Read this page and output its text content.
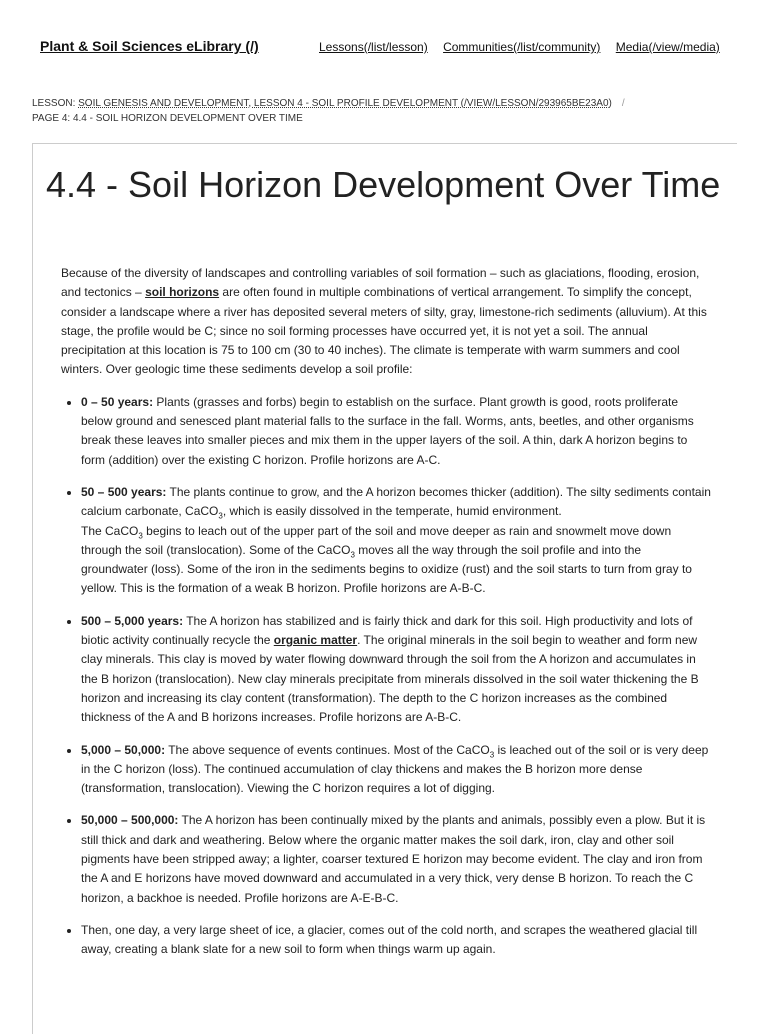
Plant & Soil Sciences eLibrary (/)	Lessons(/list/lesson) Communities(/list/community) Media(/view/media)
LESSON: SOIL GENESIS AND DEVELOPMENT, LESSON 4 - SOIL PROFILE DEVELOPMENT (/VIEW/LESSON/293965BE23A0) /
PAGE 4: 4.4 - SOIL HORIZON DEVELOPMENT OVER TIME
4.4 - Soil Horizon Development Over Time

Because of the diversity of landscapes and controlling variables of soil formation – such as glaciations, flooding, erosion, and tectonics – soil horizons are often found in multiple combinations of vertical arrangement. To simplify the concept, consider a landscape where a river has deposited several meters of silty, gray, limestone-rich sediments (alluvium). At this stage, the profile would be C; since no soil forming processes have occurred yet, it is not yet a soil. The annual precipitation at this location is 75 to 100 cm (30 to 40 inches). The climate is temperate with warm summers and cool winters. Over geologic time these sediments develop a soil profile:

• 0 – 50 years: Plants (grasses and forbs) begin to establish on the surface. Plant growth is good, roots proliferate below ground and senesced plant material falls to the surface in the fall. Worms, ants, beetles, and other organisms break these leaves into smaller pieces and mix them in the upper layers of the soil. A thin, dark A horizon begins to form (addition) over the existing C horizon. Profile horizons are A-C.
• 50 – 500 years: The plants continue to grow, and the A horizon becomes thicker (addition). The silty sediments contain calcium carbonate, CaCO$_3$, which is easily dissolved in the temperate, humid environment.
The CaCO$_3$ begins to leach out of the upper part of the soil and move deeper as rain and snowmelt move down through the soil (translocation). Some of the CaCO$_3$ moves all the way through the soil profile and into the groundwater (loss). Some of the iron in the sediments begins to oxidize (rust) and the soil starts to turn from gray to yellow. This is the formation of a weak B horizon. Profile horizons are A-B-C.
• 500 – 5,000 years: The A horizon has stabilized and is fairly thick and dark for this soil. High productivity and lots of biotic activity continually recycle the organic matter. The original minerals in the soil begin to weather and form new clay minerals. This clay is moved by water flowing downward through the soil from the A horizon and accumulates in the B horizon (translocation). New clay minerals precipitate from minerals dissolved in the soil water thickening the B horizon and increasing its clay content (transformation). The depth to the C horizon increases as the combined thickness of the A and B horizons increases. Profile horizons are A-B-C.
• 5,000 – 50,000: The above sequence of events continues. Most of the CaCO$_3$ is leached out of the soil or is very deep in the C horizon (loss). The continued accumulation of clay thickens and makes the B horizon more dense (transformation, translocation). Viewing the C horizon requires a lot of digging.
• 50,000 – 500,000: The A horizon has been continually mixed by the plants and animals, possibly even a plow. But it is still thick and dark and weathering. Below where the organic matter makes the soil dark, iron, clay and other soil pigments have been stripped away; a lighter, coarser textured E horizon may become evident. The clay and iron from the A and E horizons have moved downward and accumulated in a very thick, very dense B horizon. To reach the C horizon, a backhoe is needed. Profile horizons are A-E-B-C.
• Then, one day, a very large sheet of ice, a glacier, comes out of the cold north, and scrapes the weathered glacial till away, creating a blank slate for a new soil to form when things warm up again.
